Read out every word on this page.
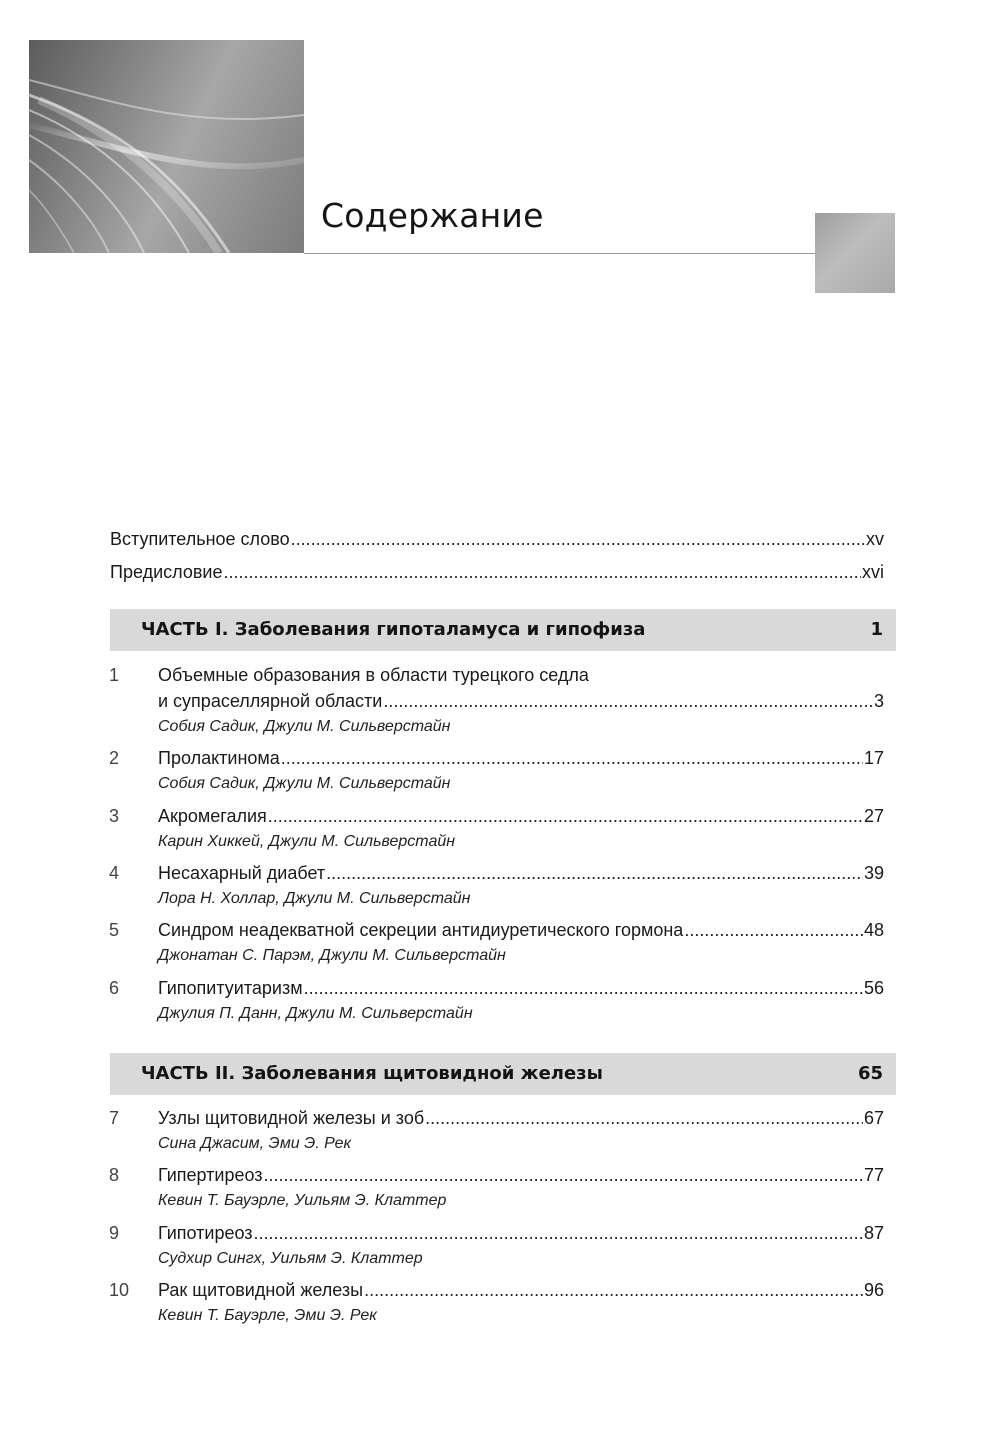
Содержание
Вступительное слово .....	xv
Предисловие .....	xvi
ЧАСТЬ I. Заболевания гипоталамуса и гипофиза	1
1 Объемные образования в области турецкого седла
и супраселлярной области .....	3
Собия Садик, Джули М. Сильверстайн
2 Пролактинома .....	17
Собия Садик, Джули М. Сильверстайн
3 Акромегалия .....	27
Карин Хиккей, Джули М. Сильверстайн
4 Несахарный диабет .....	39
Лора Н. Холлар, Джули М. Сильверстайн
5 Синдром неадекватной секреции антидиуретического гормона .....	48
Джонатан С. Парэм, Джули М. Сильверстайн
6 Гипопитуитаризм .....	56
Джулия П. Данн, Джули М. Сильверстайн
ЧАСТЬ II. Заболевания щитовидной железы	65
7 Узлы щитовидной железы и зоб .....	67
Сина Джасим, Эми Э. Рек
8 Гипертиреоз .....	77
Кевин Т. Бауэрле, Уильям Э. Клаттер
9 Гипотиреоз .....	87
Судхир Сингх, Уильям Э. Клаттер
10 Рак щитовидной железы .....	96
Кевин Т. Бауэрле, Эми Э. Рек
